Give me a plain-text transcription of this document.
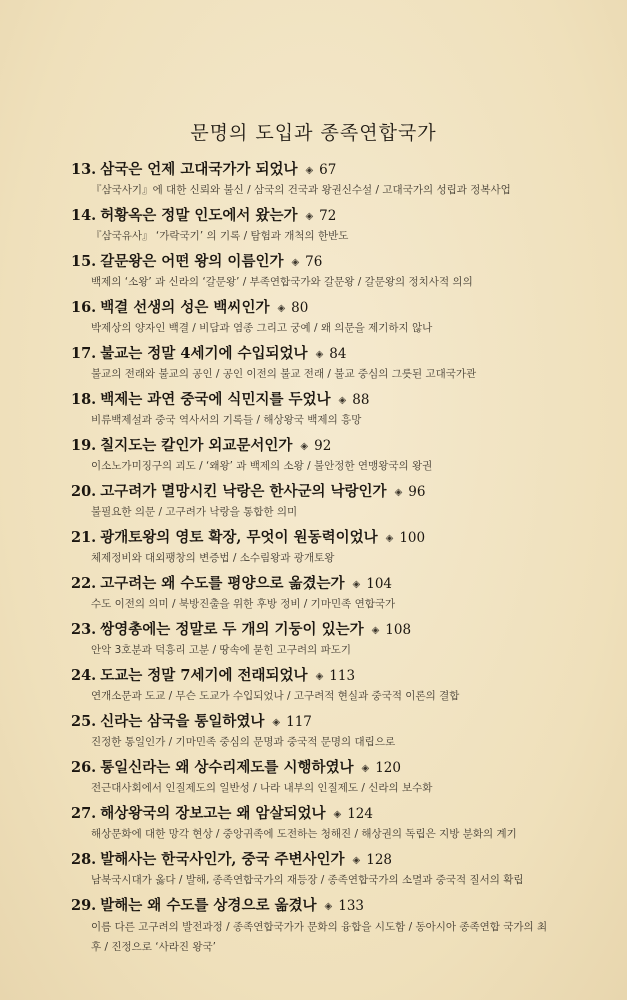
문명의 도입과 종족연합국가
13. 삼국은 언제 고대국가가 되었나 ◈ 67
『삼국사기』에 대한 신뢰와 불신 / 삼국의 건국과 왕권신수설 / 고대국가의 성립과 정복사업
14. 허황옥은 정말 인도에서 왔는가 ◈ 72
『삼국유사』 ‘가락국기’ 의 기록 / 탐험과 개척의 한반도
15. 갈문왕은 어떤 왕의 이름인가 ◈ 76
백제의 ‘소왕’ 과 신라의 ‘갈문왕’ / 부족연합국가와 갈문왕 / 갈문왕의 정치사적 의의
16. 백결 선생의 성은 백씨인가 ◈ 80
박제상의 양자인 백결 / 비담과 염종 그리고 궁예 / 왜 의문을 제기하지 않나
17. 불교는 정말 4세기에 수입되었나 ◈ 84
불교의 전래와 불교의 공인 / 공인 이전의 불교 전래 / 불교 중심의 그릇된 고대국가관
18. 백제는 과연 중국에 식민지를 두었나 ◈ 88
비류백제설과 중국 역사서의 기록들 / 해상왕국 백제의 흥망
19. 칠지도는 칼인가 외교문서인가 ◈ 92
이소노가미징구의 괴도 / ‘왜왕’ 과 백제의 소왕 / 불안정한 연맹왕국의 왕권
20. 고구려가 멸망시킨 낙랑은 한사군의 낙랑인가 ◈ 96
불필요한 의문 / 고구려가 낙랑을 통합한 의미
21. 광개토왕의 영토 확장, 무엇이 원동력이었나 ◈ 100
체제정비와 대외팽창의 변증법 / 소수림왕과 광개토왕
22. 고구려는 왜 수도를 평양으로 옮겼는가 ◈ 104
수도 이전의 의미 / 북방진출을 위한 후방 정비 / 기마민족 연합국가
23. 쌍영총에는 정말로 두 개의 기둥이 있는가 ◈ 108
안악 3호분과 덕흥리 고분 / 땅속에 묻힌 고구려의 파도기
24. 도교는 정말 7세기에 전래되었나 ◈ 113
연개소문과 도교 / 무슨 도교가 수입되었나 / 고구려적 현실과 중국적 이론의 결합
25. 신라는 삼국을 통일하였나 ◈ 117
진정한 통일인가 / 기마민족 중심의 문명과 중국적 문명의 대립으로
26. 통일신라는 왜 상수리제도를 시행하였나 ◈ 120
전근대사회에서 인질제도의 일반성 / 나라 내부의 인질제도 / 신라의 보수화
27. 해상왕국의 장보고는 왜 암살되었나 ◈ 124
해상문화에 대한 망각 현상 / 중앙귀족에 도전하는 청해진 / 해상권의 독립은 지방 분화의 계기
28. 발해사는 한국사인가, 중국 주변사인가 ◈ 128
남북국시대가 옳다 / 발해, 종족연합국가의 재등장 / 종족연합국가의 소멸과 중국적 질서의 확립
29. 발해는 왜 수도를 상경으로 옮겼나 ◈ 133
이름 다른 고구려의 발전과정 / 종족연합국가가 문화의 융합을 시도함 / 동아시아 종족연합 국가의 최후 / 진정으로 ‘사라진 왕국’
